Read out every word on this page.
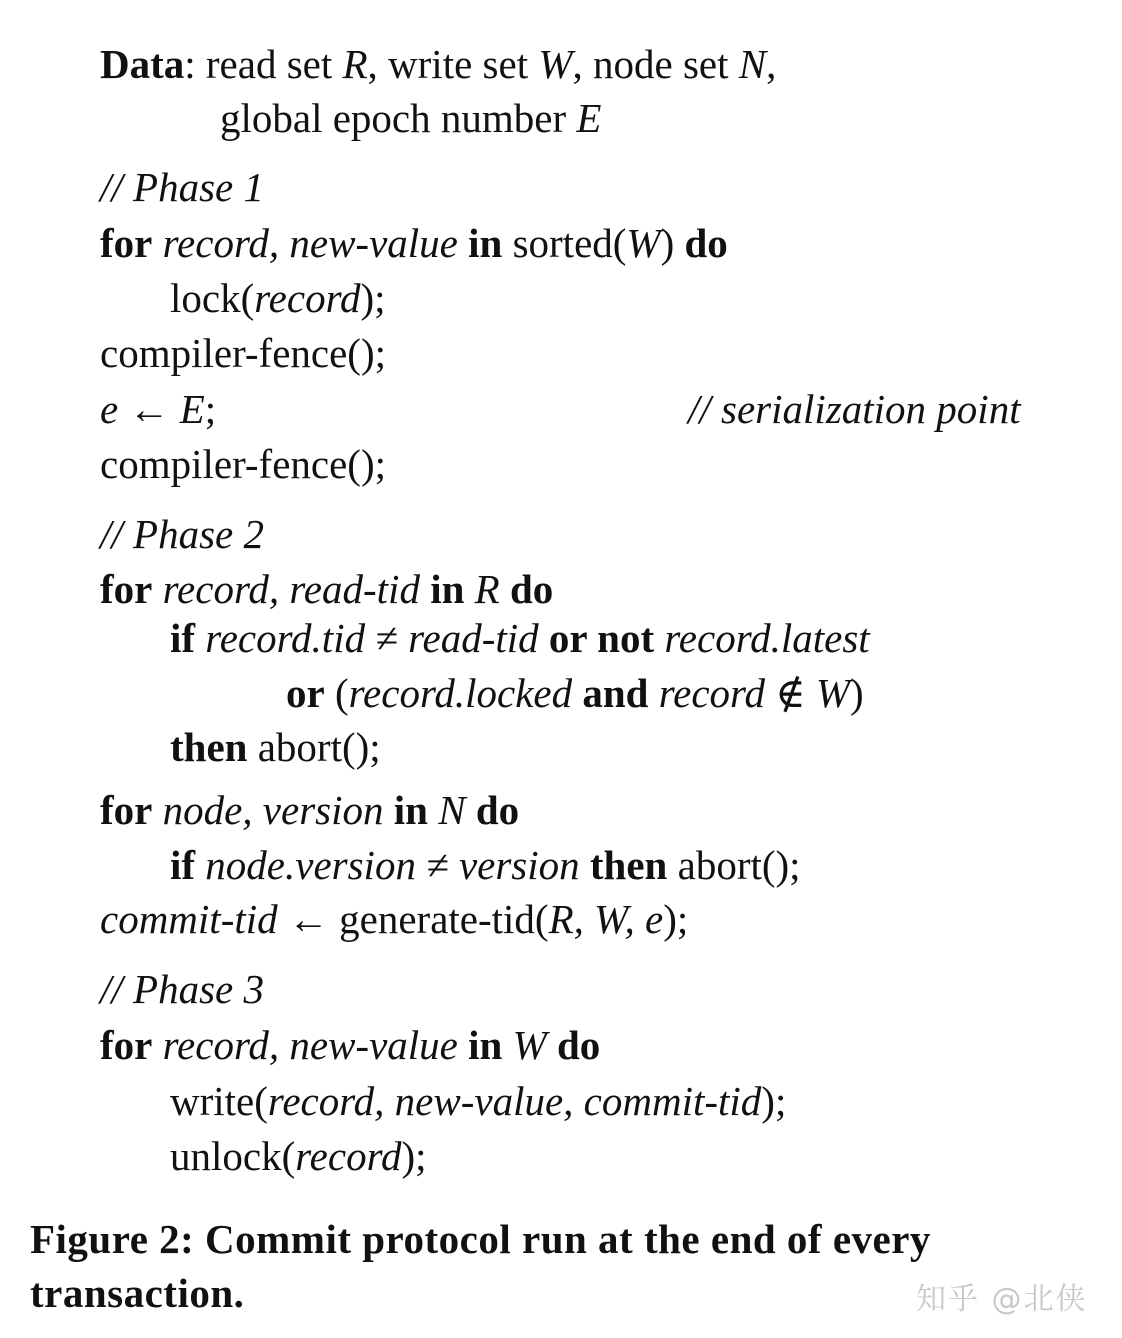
Data: read set R, write set W, node set N,
global epoch number E
// Phase 1
for record, new-value in sorted(W) do
lock(record);
compiler-fence();
e ← E;	// serialization point
compiler-fence();
// Phase 2
for record, read-tid in R do
if record.tid ≠ read-tid or not record.latest
or (record.locked and record ∉ W)
then abort();
for node, version in N do
if node.version ≠ version then abort();
commit-tid ← generate-tid(R, W, e);
// Phase 3
for record, new-value in W do
write(record, new-value, commit-tid);
unlock(record);
Figure 2: Commit protocol run at the end of every
transaction.	知乎 @北侠
